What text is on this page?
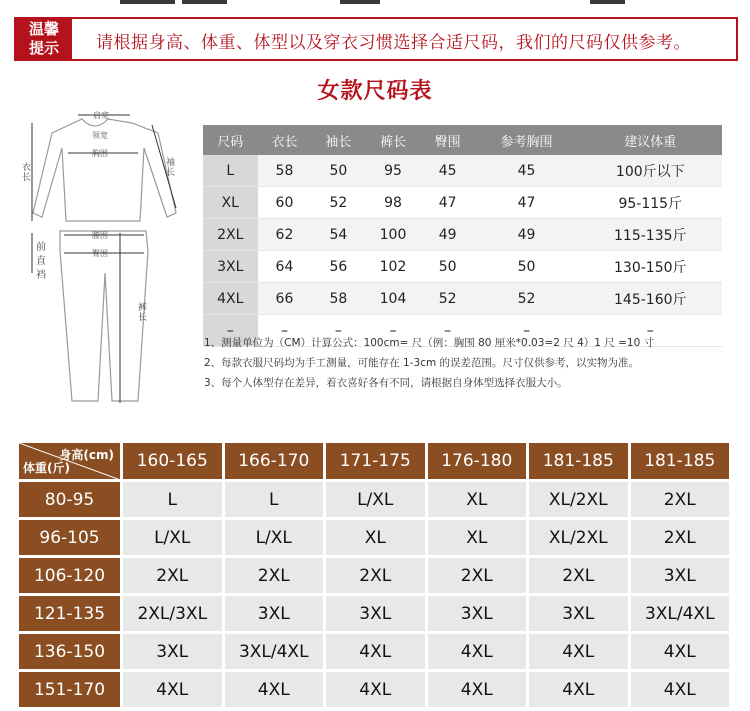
温馨
提示	请根据身高、体重、体型以及穿衣习惯选择合适尺码，我们的尺码仅供参考。
女款尺码表
肩宽
领宽
胸围
衣长
袖长
腰围
臀围
前直裆
裤长
尺码	衣长	袖长	裤长	臀围	参考胸围	建议体重
L	58	50	95	45	45	100斤以下
XL	60	52	98	47	47	95-115斤
2XL	62	54	100	49	49	115-135斤
3XL	64	56	102	50	50	130-150斤
4XL	66	58	104	52	52	145-160斤
–	–	–	–	–	–	–
1、测量单位为（CM）计算公式：100cm= 尺（例：胸围 80 厘米*0.03=2 尺 4）1 尺 =10 寸
2、每款衣服尺码均为手工测量，可能存在 1-3cm 的误差范围。尺寸仅供参考，以实物为准。
3、每个人体型存在差异，着衣喜好各有不同，请根据自身体型选择衣服大小。
身高(cm)
体重(斤)	160-165	166-170	171-175	176-180	181-185	181-185
80-95	L	L	L/XL	XL	XL/2XL	2XL
96-105	L/XL	L/XL	XL	XL	XL/2XL	2XL
106-120	2XL	2XL	2XL	2XL	2XL	3XL
121-135	2XL/3XL	3XL	3XL	3XL	3XL	3XL/4XL
136-150	3XL	3XL/4XL	4XL	4XL	4XL	4XL
151-170	4XL	4XL	4XL	4XL	4XL	4XL
